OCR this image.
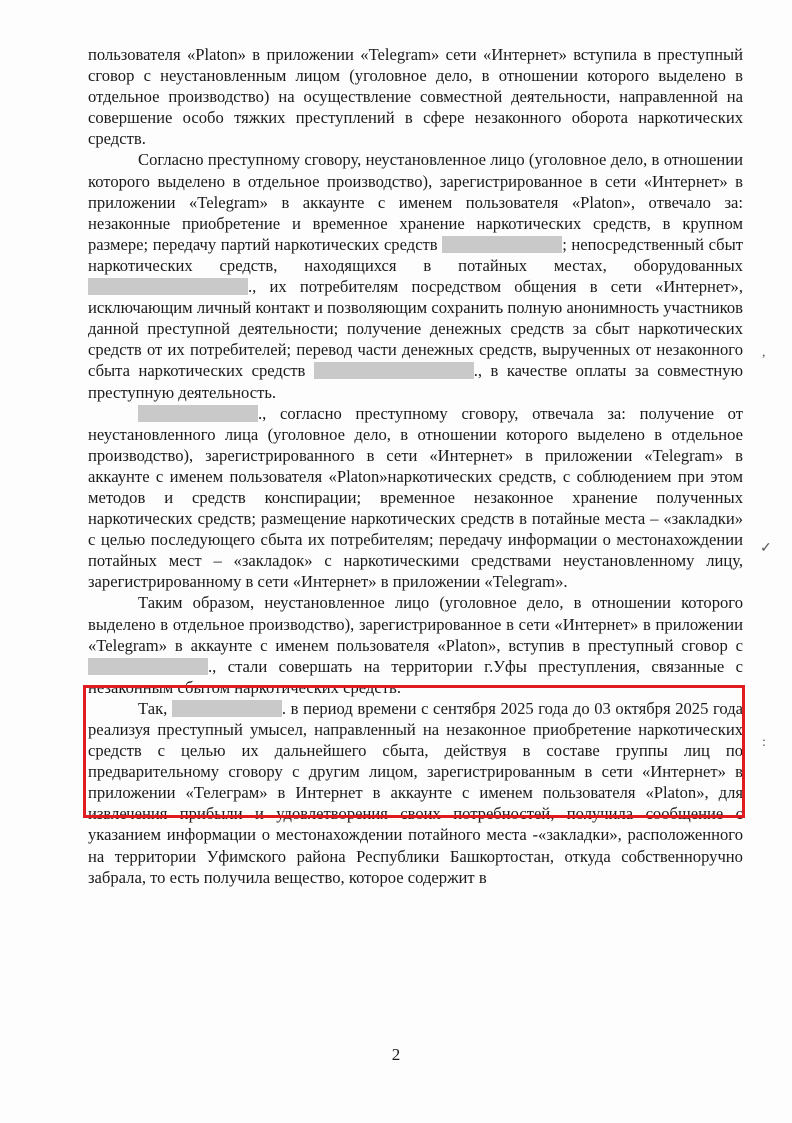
пользователя «Platon» в приложении «Telegram» сети «Интернет» вступила в преступный сговор с неустановленным лицом (уголовное дело, в отношении которого выделено в отдельное производство) на осуществление совместной деятельности, направленной на совершение особо тяжких преступлений в сфере незаконного оборота наркотических средств.

Согласно преступному сговору, неустановленное лицо (уголовное дело, в отношении которого выделено в отдельное производство), зарегистрированное в сети «Интернет» в приложении «Telegram» в аккаунте с именем пользователя «Platon», отвечало за: незаконные приобретение и временное хранение наркотических средств, в крупном размере; передачу партий наркотических средств	; непосредственный сбыт наркотических средств, находящихся в потайных местах, оборудованных ., их потребителям посредством общения в сети «Интернет», исключающим личный контакт и позволяющим сохранить полную анонимность участников данной преступной деятельности; получение денежных средств за сбыт наркотических средств от их потребителей; перевод части денежных средств, вырученных от незаконного сбыта наркотических средств	., в качестве оплаты за совместную преступную деятельность.

., согласно преступному сговору, отвечала за: получение от неустановленного лица (уголовное дело, в отношении которого выделено в отдельное производство), зарегистрированного в сети «Интернет» в приложении «Telegram» в аккаунте с именем пользователя «Platon»наркотических средств, с соблюдением при этом методов и средств конспирации; временное незаконное хранение полученных наркотических средств; размещение наркотических средств в потайные места – «закладки» с целью последующего сбыта их потребителям; передачу информации о местонахождении потайных мест – «закладок» с наркотическими средствами неустановленному лицу, зарегистрированному в сети «Интернет» в приложении «Telegram».

Таким образом, неустановленное лицо (уголовное дело, в отношении которого выделено в отдельное производство), зарегистрированное в сети «Интернет» в приложении «Telegram» в аккаунте с именем пользователя «Platon», вступив в преступный сговор с ., стали совершать на территории г.Уфы преступления, связанные с незаконным сбытом наркотических средств.

Так,	. в период времени с сентября 2025 года до 03 октября 2025 года реализуя преступный умысел, направленный на незаконное приобретение наркотических средств с целью их дальнейшего сбыта, действуя в составе группы лиц по предварительному сговору с другим лицом, зарегистрированным в сети «Интернет» в приложении «Телеграм» в Интернет в аккаунте с именем пользователя «Platon», для извлечения прибыли и удовлетворения своих потребностей, получила сообщение с указанием информации о местонахождении потайного места -«закладки», расположенного на территории Уфимского района Республики Башкортостан, откуда собственноручно забрала, то есть получила вещество, которое содержит в

,
✓
:
2
